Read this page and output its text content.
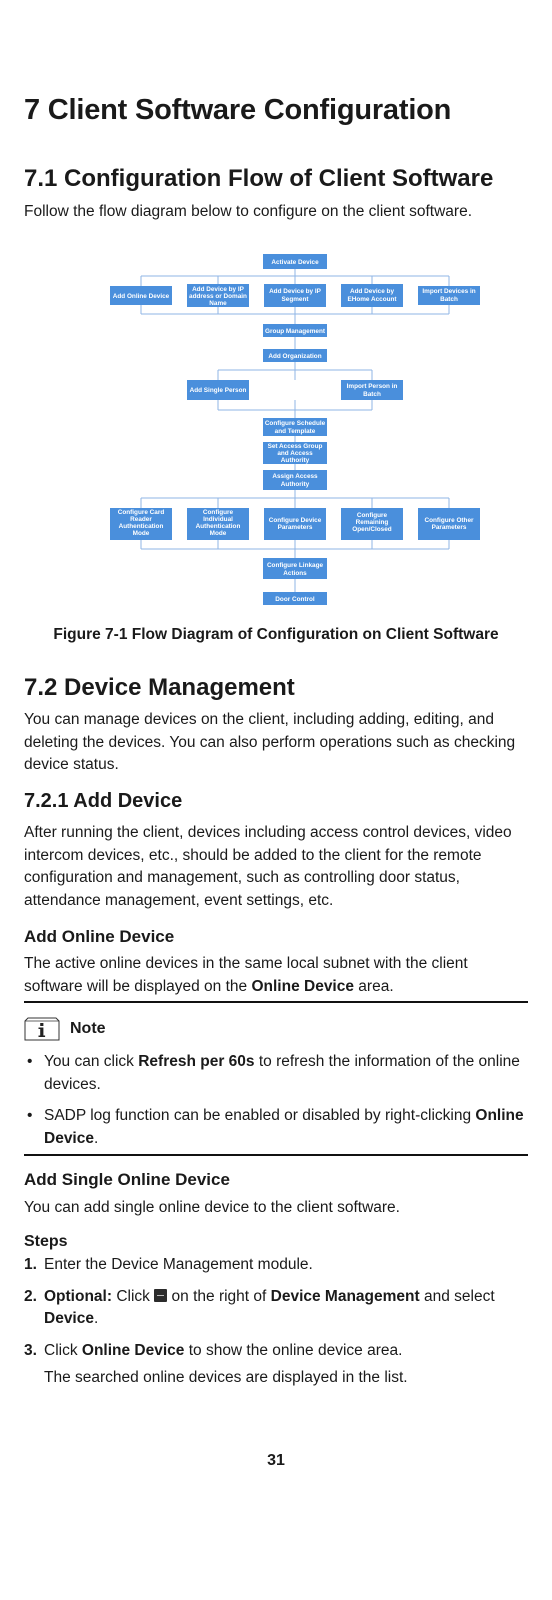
7 Client Software Configuration
7.1 Configuration Flow of Client Software

Follow the flow diagram below to configure on the client software.

Activate Device
Add Online Device
Add Device by IP
address or Domain
Name
Add Device by IP
Segment
Add Device by
EHome Account
Import Devices in
Batch
Group Management
Add Organization
Add Single Person
Import Person in
Batch
Configure Schedule
and Template
Set Access Group
and Access
Authority
Assign Access
Authority
Configure Card
Reader
Authentication
Mode
Configure
Individual
Authentication
Mode
Configure Device
Parameters
Configure
Remaining
Open/Closed
Configure Other
Parameters
Configure Linkage
Actions
Door Control
Figure 7-1 Flow Diagram of Configuration on Client Software
7.2 Device Management

You can manage devices on the client, including adding, editing, and deleting the devices. You can also perform operations such as checking device status.

7.2.1 Add Device

After running the client, devices including access control devices, video intercom devices, etc., should be added to the client for the remote configuration and management, such as controlling door status, attendance management, event settings, etc.

Add Online Device

The active online devices in the same local subnet with the client software will be displayed on the Online Device area.

Note
• You can click Refresh per 60s to refresh the information of the online devices.
• SADP log function can be enabled or disabled by right-clicking Online Device.
Add Single Online Device

You can add single online device to the client software.

Steps
1. Enter the Device Management module.
2. Optional: Click  on the right of Device Management and select Device.
3. Click Online Device to show the online device area.
The searched online devices are displayed in the list.
31
